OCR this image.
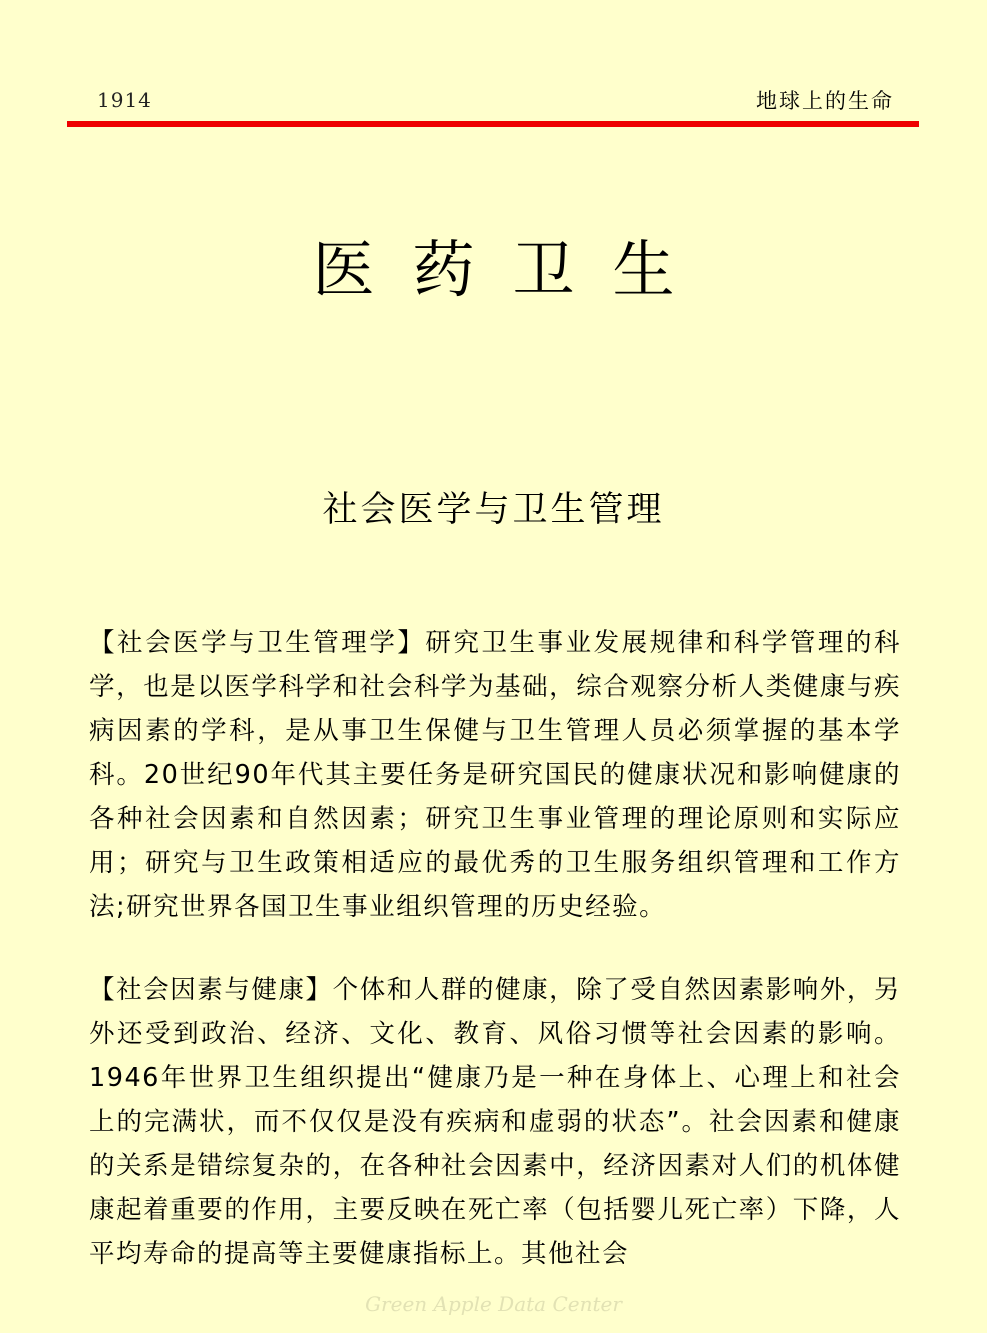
1914	地球上的生命
医药卫生
社会医学与卫生管理

【社会医学与卫生管理学】研究卫生事业发展规律和科学管理的科学，也是以医学科学和社会科学为基础，综合观察分析人类健康与疾病因素的学科，是从事卫生保健与卫生管理人员必须掌握的基本学科。20世纪90年代其主要任务是研究国民的健康状况和影响健康的各种社会因素和自然因素；研究卫生事业管理的理论原则和实际应用；研究与卫生政策相适应的最优秀的卫生服务组织管理和工作方法;研究世界各国卫生事业组织管理的历史经验。

【社会因素与健康】个体和人群的健康，除了受自然因素影响外，另外还受到政治、经济、文化、教育、风俗习惯等社会因素的影响。1946年世界卫生组织提出“健康乃是一种在身体上、心理上和社会上的完满状，而不仅仅是没有疾病和虚弱的状态”。社会因素和健康的关系是错综复杂的，在各种社会因素中，经济因素对人们的机体健康起着重要的作用，主要反映在死亡率（包括婴儿死亡率）下降，人平均寿命的提高等主要健康指标上。其他社会

Green Apple Data Center
